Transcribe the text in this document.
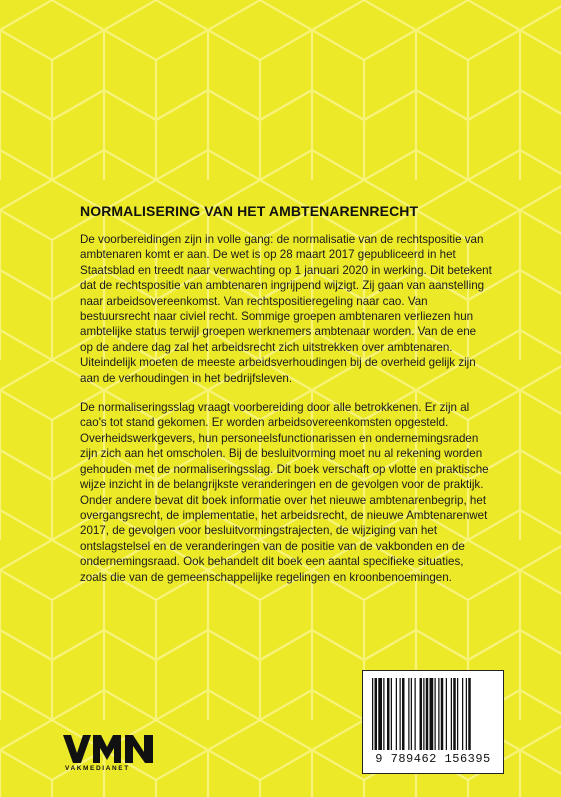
NORMALISERING VAN HET AMBTENARENRECHT

De voorbereidingen zijn in volle gang: de normalisatie van de rechtspositie van ambtenaren komt er aan. De wet is op 28 maart 2017 gepubliceerd in het Staatsblad en treedt naar verwachting op 1 januari 2020 in werking. Dit betekent dat de rechtspositie van ambtenaren ingrijpend wijzigt. Zij gaan van aanstelling naar arbeidsovereenkomst. Van rechtspositieregeling naar cao. Van bestuursrecht naar civiel recht. Sommige groepen ambtenaren verliezen hun ambtelijke status terwijl groepen werknemers ambtenaar worden. Van de ene op de andere dag zal het arbeidsrecht zich uitstrekken over ambtenaren. Uiteindelijk moeten de meeste arbeidsverhoudingen bij de overheid gelijk zijn aan de verhoudingen in het bedrijfsleven.

De normaliseringsslag vraagt voorbereiding door alle betrokkenen. Er zijn al cao's tot stand gekomen. Er worden arbeidsovereenkomsten opgesteld. Overheidswerkgevers, hun personeelsfunctionarissen en ondernemingsraden zijn zich aan het omscholen. Bij de besluitvorming moet nu al rekening worden gehouden met de normaliseringsslag. Dit boek verschaft op vlotte en praktische wijze inzicht in de belangrijkste veranderingen en de gevolgen voor de praktijk. Onder andere bevat dit boek informatie over het nieuwe ambtenarenbegrip, het overgangsrecht, de implementatie, het arbeidsrecht, de nieuwe Ambtenarenwet 2017, de gevolgen voor besluitvormingstrajecten, de wijziging van het ontslagstelsel en de veranderingen van de positie van de vakbonden en de ondernemingsraad. Ook behandelt dit boek een aantal specifieke situaties, zoals die van de gemeenschappelijke regelingen en kroonbenoemingen.

9 789462 156395
VAKMEDIANET
